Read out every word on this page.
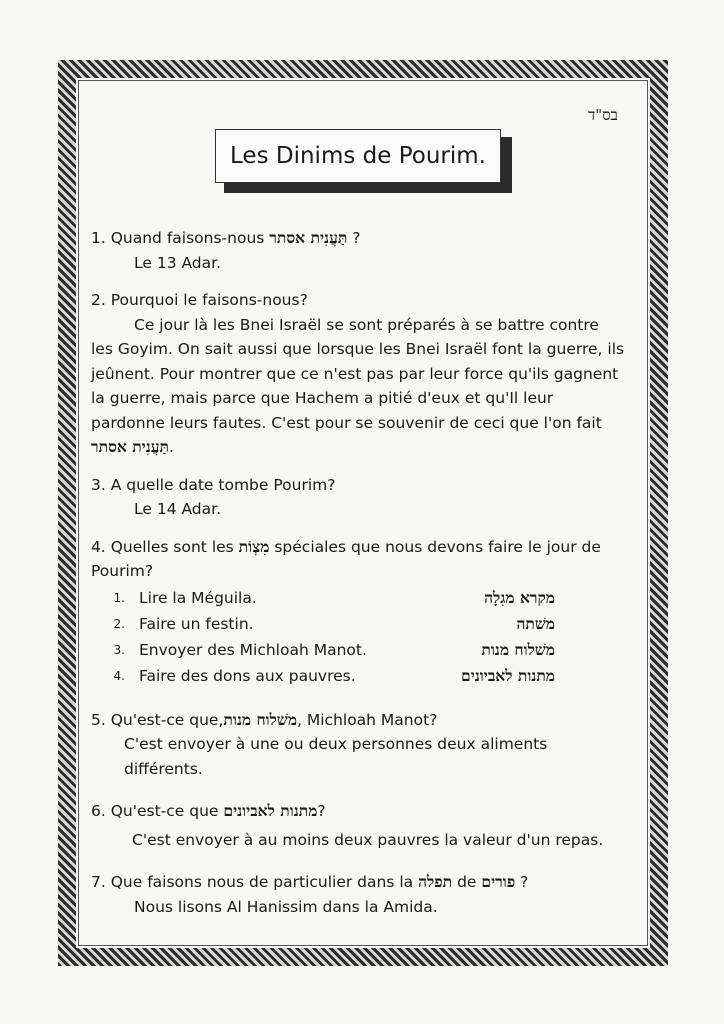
בס"ד
Les Dinims de Pourim.
1. Quand faisons-nous תַּעֲנִית אסתר ?
Le 13 Adar.
2. Pourquoi le faisons-nous?
Ce jour là les Bnei Israël se sont préparés à se battre contre
les Goyim. On sait aussi que lorsque les Bnei Israël font la guerre, ils jeûnent. Pour montrer que ce n'est pas par leur force qu'ils gagnent la guerre, mais parce que Hachem a pitié d'eux et qu'Il leur pardonne leurs fautes. C'est pour se souvenir de ceci que l'on fait תַּעֲנִית אסתר.
3. A quelle date tombe Pourim?
Le 14 Adar.
4. Quelles sont les מִצְוֹת spéciales que nous devons faire le jour de Pourim?
1. Lire la Méguila.	מקרא מגִלָה
2. Faire un festin.	משׁתה
3. Envoyer des Michloah Manot.	משׁלוח מנות
4. Faire des dons aux pauvres.	מתנות לאביונים
5. Qu'est-ce que,משׁלוח מנות, Michloah Manot?
C'est envoyer à une ou deux personnes deux aliments différents.
6. Qu'est-ce que מתנות לאביונים?
C'est envoyer à au moins deux pauvres la valeur d'un repas.
7. Que faisons nous de particulier dans la תפלה de פורים ?
Nous lisons Al Hanissim dans la Amida.
